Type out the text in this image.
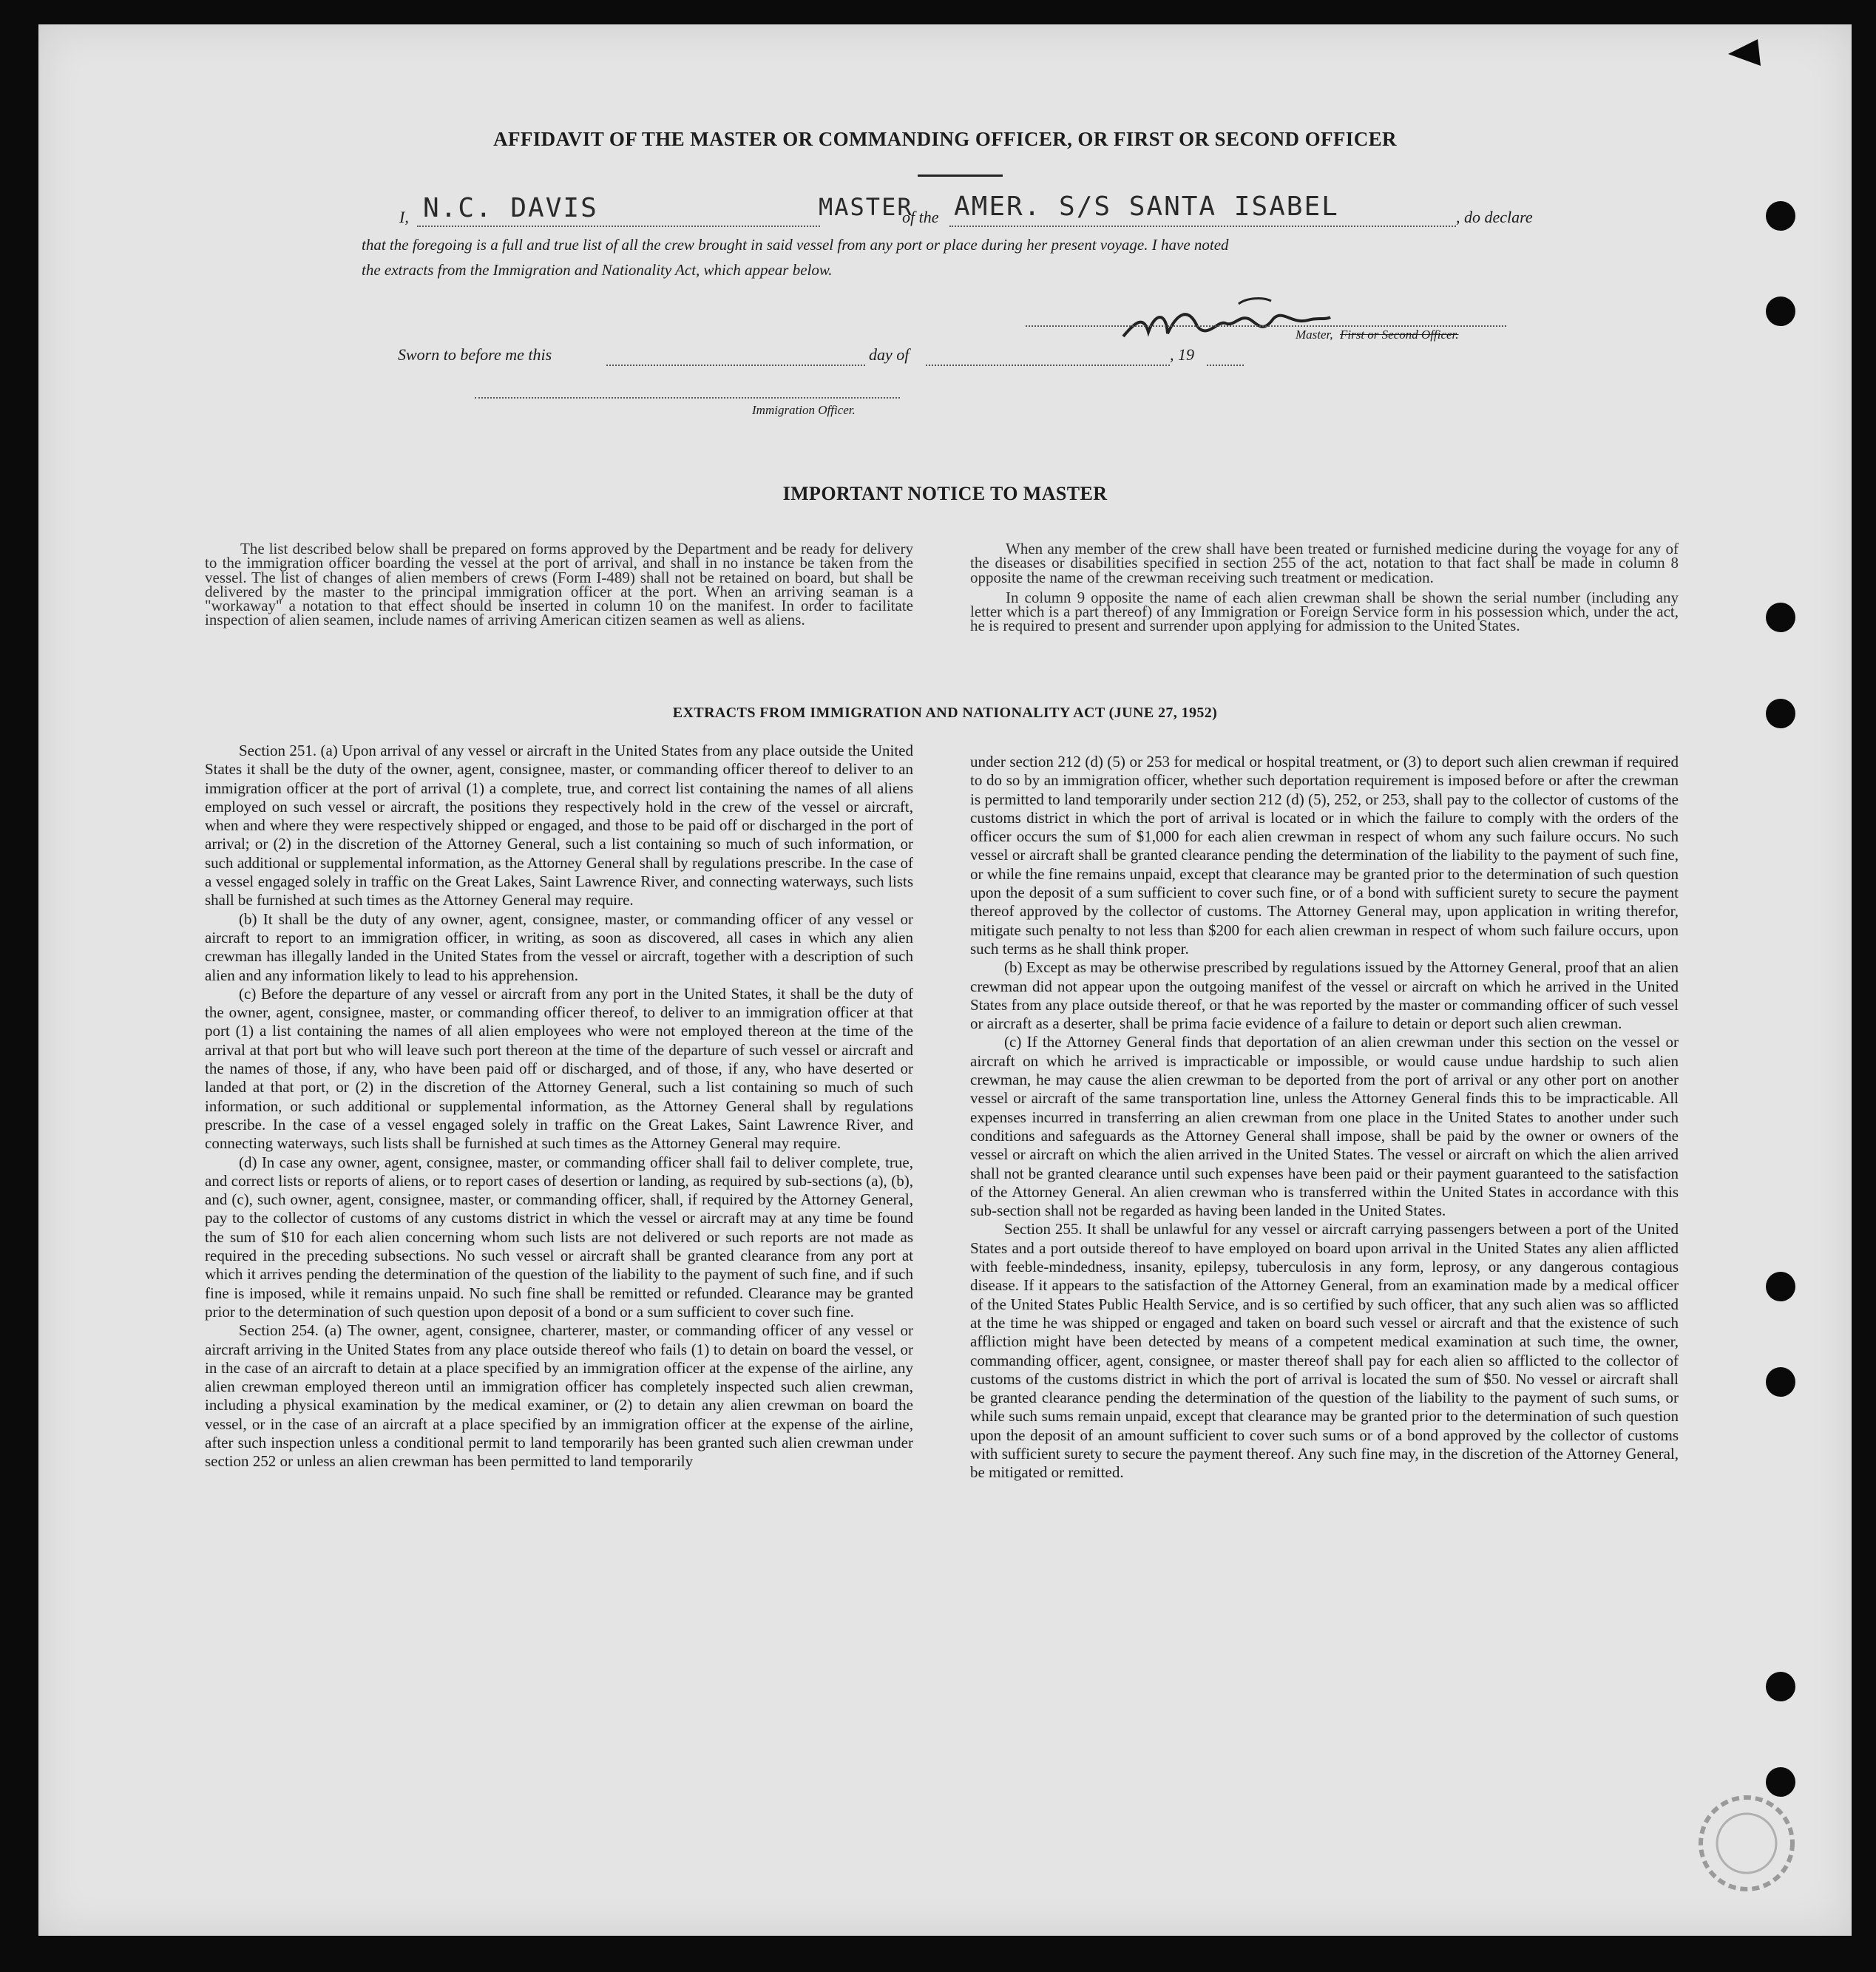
AFFIDAVIT OF THE MASTER OR COMMANDING OFFICER, OR FIRST OR SECOND OFFICER
I, N.C. DAVIS	MASTER
of the AMER. S/S SANTA ISABEL	, do declare
that the foregoing is a full and true list of all the crew brought in said vessel from any port or place during her present voyage. I have noted
the extracts from the Immigration and Nationality Act, which appear below.
Master, First or Second Officer.
Sworn to before me this	day of	, 19
Immigration Officer.
IMPORTANT NOTICE TO MASTER

The list described below shall be prepared on forms approved by the Department and be ready for delivery to the immigration officer boarding the vessel at the port of arrival, and shall in no instance be taken from the vessel. The list of changes of alien members of crews (Form I-489) shall not be retained on board, but shall be delivered by the master to the principal immigration officer at the port. When an arriving seaman is a "workaway" a notation to that effect should be inserted in column 10 on the manifest. In order to facilitate inspection of alien seamen, include names of arriving American citizen seamen as well as aliens.

When any member of the crew shall have been treated or furnished medicine during the voyage for any of the diseases or disabilities specified in section 255 of the act, notation to that fact shall be made in column 8 opposite the name of the crewman receiving such treatment or medication.

In column 9 opposite the name of each alien crewman shall be shown the serial number (including any letter which is a part thereof) of any Immigration or Foreign Service form in his possession which, under the act, he is required to present and surrender upon applying for admission to the United States.

EXTRACTS FROM IMMIGRATION AND NATIONALITY ACT (JUNE 27, 1952)

Section 251. (a) Upon arrival of any vessel or aircraft in the United States from any place outside the United States it shall be the duty of the owner, agent, consignee, master, or commanding officer thereof to deliver to an immigration officer at the port of arrival (1) a complete, true, and correct list containing the names of all aliens employed on such vessel or aircraft, the positions they respectively hold in the crew of the vessel or aircraft, when and where they were respectively shipped or engaged, and those to be paid off or discharged in the port of arrival; or (2) in the discretion of the Attorney General, such a list containing so much of such information, or such additional or supplemental information, as the Attorney General shall by regulations prescribe. In the case of a vessel engaged solely in traffic on the Great Lakes, Saint Lawrence River, and connecting waterways, such lists shall be furnished at such times as the Attorney General may require.

(b) It shall be the duty of any owner, agent, consignee, master, or commanding officer of any vessel or aircraft to report to an immigration officer, in writing, as soon as discovered, all cases in which any alien crewman has illegally landed in the United States from the vessel or aircraft, together with a description of such alien and any information likely to lead to his apprehension.

(c) Before the departure of any vessel or aircraft from any port in the United States, it shall be the duty of the owner, agent, consignee, master, or commanding officer thereof, to deliver to an immigration officer at that port (1) a list containing the names of all alien employees who were not employed thereon at the time of the arrival at that port but who will leave such port thereon at the time of the departure of such vessel or aircraft and the names of those, if any, who have been paid off or discharged, and of those, if any, who have deserted or landed at that port, or (2) in the discretion of the Attorney General, such a list containing so much of such information, or such additional or supplemental information, as the Attorney General shall by regulations prescribe. In the case of a vessel engaged solely in traffic on the Great Lakes, Saint Lawrence River, and connecting waterways, such lists shall be furnished at such times as the Attorney General may require.

(d) In case any owner, agent, consignee, master, or commanding officer shall fail to deliver complete, true, and correct lists or reports of aliens, or to report cases of desertion or landing, as required by sub-sections (a), (b), and (c), such owner, agent, consignee, master, or commanding officer, shall, if required by the Attorney General, pay to the collector of customs of any customs district in which the vessel or aircraft may at any time be found the sum of $10 for each alien concerning whom such lists are not delivered or such reports are not made as required in the preceding subsections. No such vessel or aircraft shall be granted clearance from any port at which it arrives pending the determination of the question of the liability to the payment of such fine, and if such fine is imposed, while it remains unpaid. No such fine shall be remitted or refunded. Clearance may be granted prior to the determination of such question upon deposit of a bond or a sum sufficient to cover such fine.

Section 254. (a) The owner, agent, consignee, charterer, master, or commanding officer of any vessel or aircraft arriving in the United States from any place outside thereof who fails (1) to detain on board the vessel, or in the case of an aircraft to detain at a place specified by an immigration officer at the expense of the airline, any alien crewman employed thereon until an immigration officer has completely inspected such alien crewman, including a physical examination by the medical examiner, or (2) to detain any alien crewman on board the vessel, or in the case of an aircraft at a place specified by an immigration officer at the expense of the airline, after such inspection unless a conditional permit to land temporarily has been granted such alien crewman under section 252 or unless an alien crewman has been permitted to land temporarily

under section 212 (d) (5) or 253 for medical or hospital treatment, or (3) to deport such alien crewman if required to do so by an immigration officer, whether such deportation requirement is imposed before or after the crewman is permitted to land temporarily under section 212 (d) (5), 252, or 253, shall pay to the collector of customs of the customs district in which the port of arrival is located or in which the failure to comply with the orders of the officer occurs the sum of $1,000 for each alien crewman in respect of whom any such failure occurs. No such vessel or aircraft shall be granted clearance pending the determination of the liability to the payment of such fine, or while the fine remains unpaid, except that clearance may be granted prior to the determination of such question upon the deposit of a sum sufficient to cover such fine, or of a bond with sufficient surety to secure the payment thereof approved by the collector of customs. The Attorney General may, upon application in writing therefor, mitigate such penalty to not less than $200 for each alien crewman in respect of whom such failure occurs, upon such terms as he shall think proper.

(b) Except as may be otherwise prescribed by regulations issued by the Attorney General, proof that an alien crewman did not appear upon the outgoing manifest of the vessel or aircraft on which he arrived in the United States from any place outside thereof, or that he was reported by the master or commanding officer of such vessel or aircraft as a deserter, shall be prima facie evidence of a failure to detain or deport such alien crewman.

(c) If the Attorney General finds that deportation of an alien crewman under this section on the vessel or aircraft on which he arrived is impracticable or impossible, or would cause undue hardship to such alien crewman, he may cause the alien crewman to be deported from the port of arrival or any other port on another vessel or aircraft of the same transportation line, unless the Attorney General finds this to be impracticable. All expenses incurred in transferring an alien crewman from one place in the United States to another under such conditions and safeguards as the Attorney General shall impose, shall be paid by the owner or owners of the vessel or aircraft on which the alien arrived in the United States. The vessel or aircraft on which the alien arrived shall not be granted clearance until such expenses have been paid or their payment guaranteed to the satisfaction of the Attorney General. An alien crewman who is transferred within the United States in accordance with this sub-section shall not be regarded as having been landed in the United States.

Section 255. It shall be unlawful for any vessel or aircraft carrying passengers between a port of the United States and a port outside thereof to have employed on board upon arrival in the United States any alien afflicted with feeble-mindedness, insanity, epilepsy, tuberculosis in any form, leprosy, or any dangerous contagious disease. If it appears to the satisfaction of the Attorney General, from an examination made by a medical officer of the United States Public Health Service, and is so certified by such officer, that any such alien was so afflicted at the time he was shipped or engaged and taken on board such vessel or aircraft and that the existence of such affliction might have been detected by means of a competent medical examination at such time, the owner, commanding officer, agent, consignee, or master thereof shall pay for each alien so afflicted to the collector of customs of the customs district in which the port of arrival is located the sum of $50. No vessel or aircraft shall be granted clearance pending the determination of the question of the liability to the payment of such sums, or while such sums remain unpaid, except that clearance may be granted prior to the determination of such question upon the deposit of an amount sufficient to cover such sums or of a bond approved by the collector of customs with sufficient surety to secure the payment thereof. Any such fine may, in the discretion of the Attorney General, be mitigated or remitted.
